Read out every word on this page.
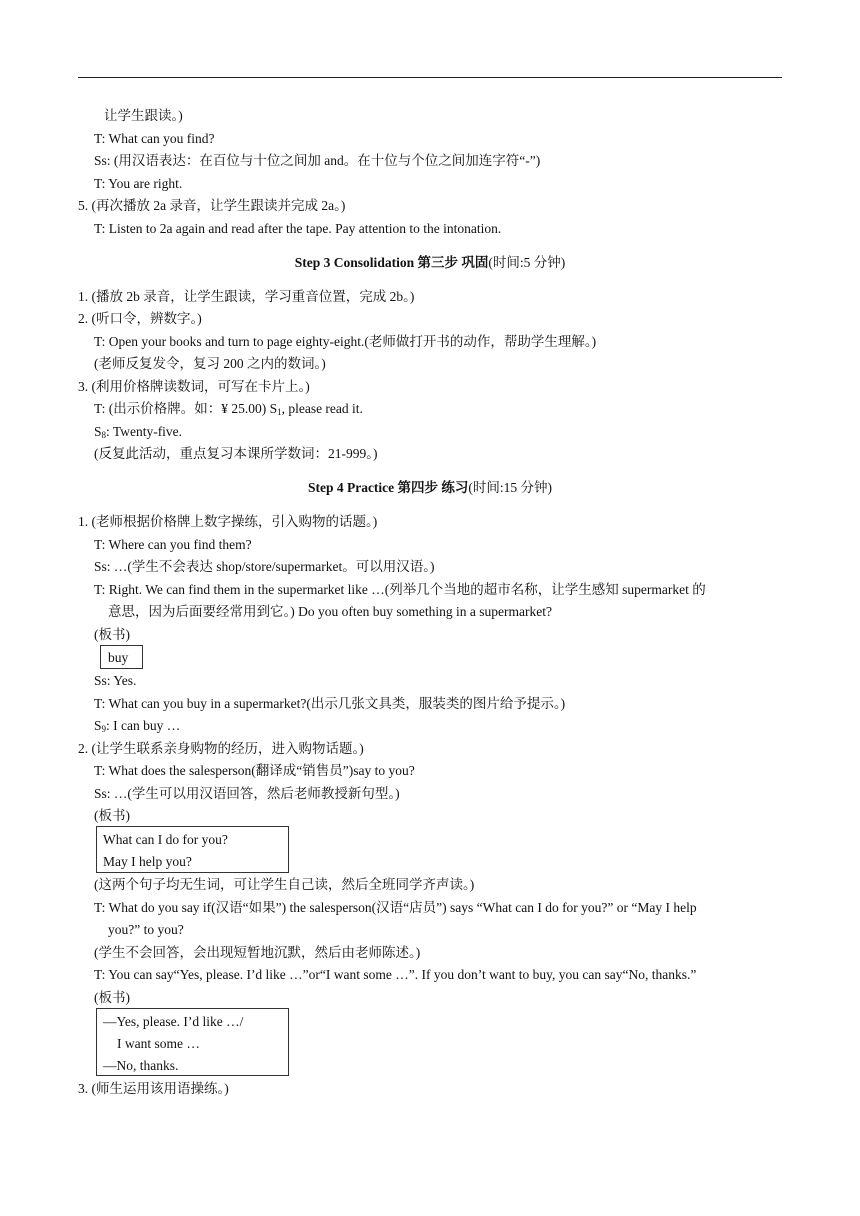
让学生跟读。)
T: What can you find?
Ss: (用汉语表达：在百位与十位之间加 and。在十位与个位之间加连字符“-”)
T: You are right.
5. (再次播放 2a 录音，让学生跟读并完成 2a。)
T: Listen to 2a again and read after the tape. Pay attention to the intonation.
Step 3 Consolidation 第三步 巩固(时间:5 分钟)
1. (播放 2b 录音，让学生跟读，学习重音位置，完成 2b。)
2. (听口令，辨数字。)
T: Open your books and turn to page eighty-eight.(老师做打开书的动作，帮助学生理解。)
(老师反复发令，复习 200 之内的数词。)
3. (利用价格牌读数词，可写在卡片上。)
T: (出示价格牌。如：¥ 25.00) $S_1$, please read it.
$S_8$: Twenty-five.
(反复此活动，重点复习本课所学数词：21-999。)
Step 4 Practice 第四步 练习(时间:15 分钟)
1. (老师根据价格牌上数字操练，引入购物的话题。)
T: Where can you find them?
Ss: …(学生不会表达 shop/store/supermarket。可以用汉语。)
T: Right. We can find them in the supermarket like …(列举几个当地的超市名称，让学生感知 supermarket 的
意思，因为后面要经常用到它。) Do you often buy something in a supermarket?
(板书)
buy
Ss: Yes.
T: What can you buy in a supermarket?(出示几张文具类，服装类的图片给予提示。)
$S_9$: I can buy …
2. (让学生联系亲身购物的经历，进入购物话题。)
T: What does the salesperson(翻译成“销售员”)say to you?
Ss: …(学生可以用汉语回答，然后老师教授新句型。)
(板书)
What can I do for you?
May I help you?
(这两个句子均无生词，可让学生自己读，然后全班同学齐声读。)
T: What do you say if(汉语“如果”) the salesperson(汉语“店员”) says “What can I do for you?” or “May I help
you?” to you?
(学生不会回答，会出现短暂地沉默，然后由老师陈述。)
T: You can say“Yes, please. I’d like …”or“I want some …”. If you don’t want to buy, you can say“No, thanks.”
(板书)
—Yes, please. I’d like …/
I want some …
—No, thanks.
3. (师生运用该用语操练。)
